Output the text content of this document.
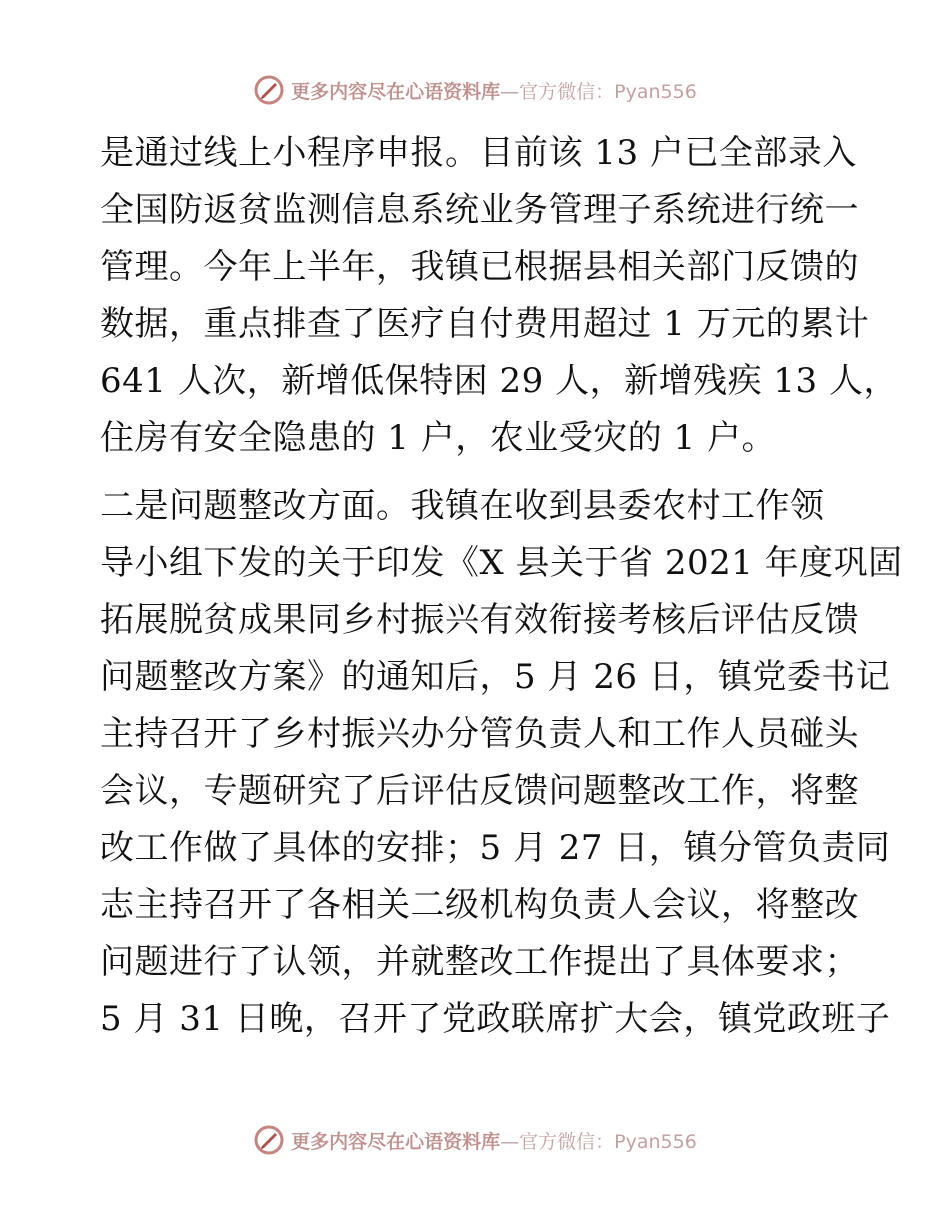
更多内容尽在心语资料库—官方微信：Pyan556
是通过线上小程序申报。目前该 13 户已全部录入
全国防返贫监测信息系统业务管理子系统进行统一
管理。今年上半年，我镇已根据县相关部门反馈的
数据，重点排查了医疗自付费用超过 1 万元的累计
641 人次，新增低保特困 29 人，新增残疾 13 人，
住房有安全隐患的 1 户，农业受灾的 1 户。
二是问题整改方面。我镇在收到县委农村工作领
导小组下发的关于印发《X 县关于省 2021 年度巩固
拓展脱贫成果同乡村振兴有效衔接考核后评估反馈
问题整改方案》的通知后，5 月 26 日，镇党委书记
主持召开了乡村振兴办分管负责人和工作人员碰头
会议，专题研究了后评估反馈问题整改工作，将整
改工作做了具体的安排；5 月 27 日，镇分管负责同
志主持召开了各相关二级机构负责人会议，将整改
问题进行了认领，并就整改工作提出了具体要求；
5 月 31 日晚，召开了党政联席扩大会，镇党政班子
更多内容尽在心语资料库—官方微信：Pyan556
